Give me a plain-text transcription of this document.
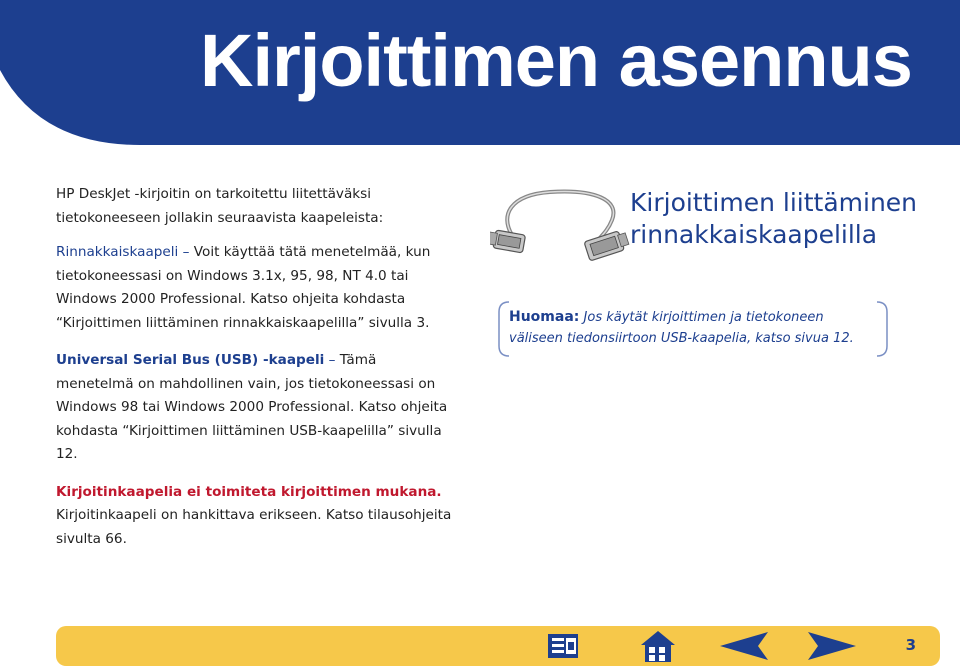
Kirjoittimen asennus

HP DeskJet -kirjoitin on tarkoitettu liitettäväksi tietokoneeseen jollakin seuraavista kaapeleista:

Rinnakkaiskaapeli – Voit käyttää tätä menetelmää, kun tietokoneessasi on Windows 3.1x, 95, 98, NT 4.0 tai Windows 2000 Professional. Katso ohjeita kohdasta “Kirjoittimen liittäminen rinnakkaiskaapelilla” sivulla 3.

Universal Serial Bus (USB) -kaapeli – Tämä menetelmä on mahdollinen vain, jos tietokoneessasi on Windows 98 tai Windows 2000 Professional. Katso ohjeita kohdasta “Kirjoittimen liittäminen USB-kaapelilla” sivulla 12.

Kirjoitinkaapelia ei toimiteta kirjoittimen mukana.
Kirjoitinkaapeli on hankittava erikseen. Katso tilausohjeita sivulta 66.

Kirjoittimen liittäminen rinnakkaiskaapelilla
Huomaa: Jos käytät kirjoittimen ja tietokoneen väliseen tiedonsiirtoon USB-kaapelia, katso sivua 12.
3
